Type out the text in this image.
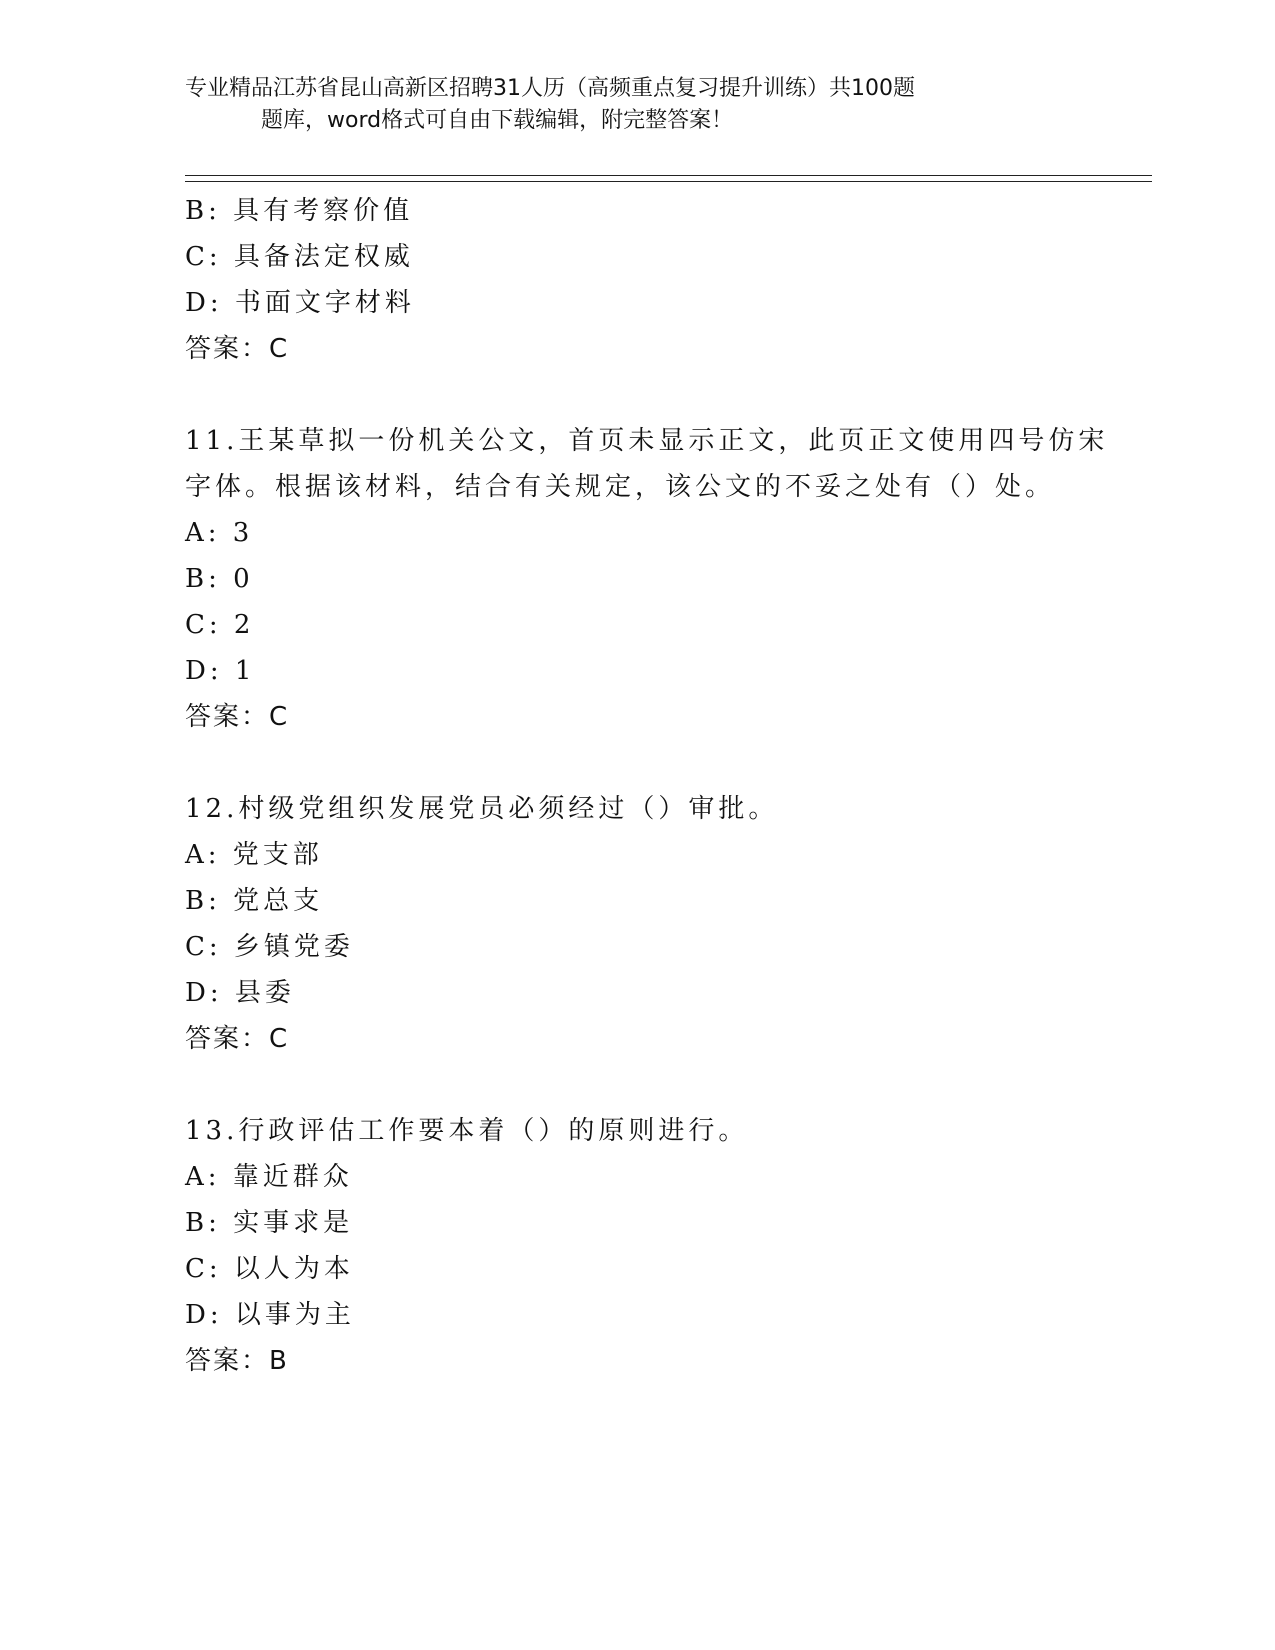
专业精品江苏省昆山高新区招聘31人历（高频重点复习提升训练）共100题
题库，word格式可自由下载编辑，附完整答案！
B: 具有考察价值
C: 具备法定权威
D: 书面文字材料
答案：C
11.王某草拟一份机关公文，首页未显示正文，此页正文使用四号仿宋
字体。根据该材料，结合有关规定，该公文的不妥之处有（）处。
A: 3
B: 0
C: 2
D: 1
答案：C
12.村级党组织发展党员必须经过（）审批。
A: 党支部
B: 党总支
C: 乡镇党委
D: 县委
答案：C
13.行政评估工作要本着（）的原则进行。
A: 靠近群众
B: 实事求是
C: 以人为本
D: 以事为主
答案：B
